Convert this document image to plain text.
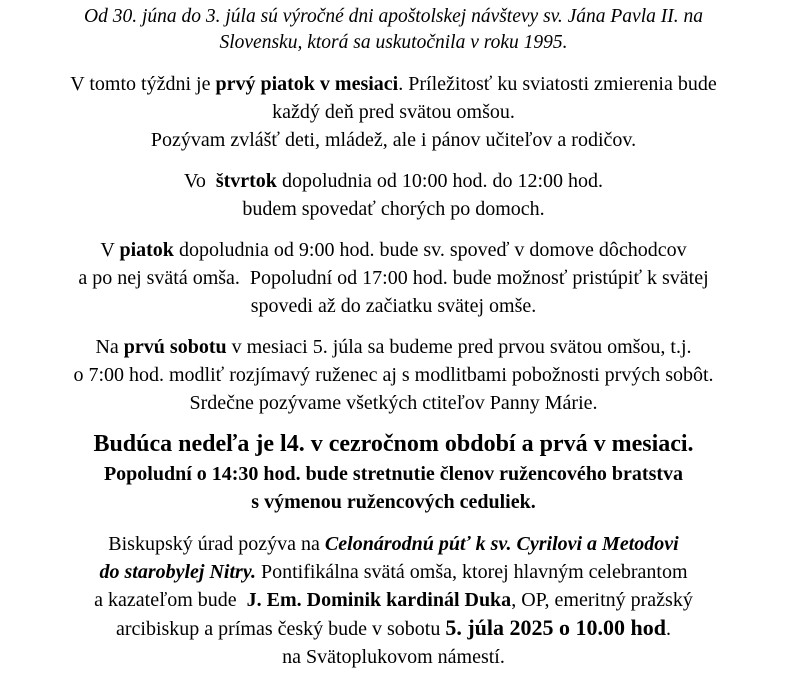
Od 30. júna do 3. júla sú výročné dni apoštolskej návštevy sv. Jána Pavla II. na
Slovensku, ktorá sa uskutočnila v roku 1995.

V tomto týždni je prvý piatok v mesiaci. Príležitosť ku sviatosti zmierenia bude
každý deň pred svätou omšou.
Pozývam zvlášť deti, mládež, ale i pánov učiteľov a rodičov.

Vo  štvrtok dopoludnia od 10:00 hod. do 12:00 hod.
budem spovedať chorých po domoch.

V piatok dopoludnia od 9:00 hod. bude sv. spoveď v domove dôchodcov
a po nej svätá omša.  Popoludní od 17:00 hod. bude možnosť pristúpiť k svätej
spovedi až do začiatku svätej omše.

Na prvú sobotu v mesiaci 5. júla sa budeme pred prvou svätou omšou, t.j.
o 7:00 hod. modliť rozjímavý ruženec aj s modlitbami pobožnosti prvých sobôt.
Srdečne pozývame všetkých ctiteľov Panny Márie.

Budúca nedeľa je l4. v cezročnom období a prvá v mesiaci.

Popoludní o 14:30 hod. bude stretnutie členov ružencového bratstva
s výmenou ružencových ceduliek.

Biskupský úrad pozýva na Celonárodnú púť k sv. Cyrilovi a Metodovi
do starobylej Nitry. Pontifikálna svätá omša, ktorej hlavným celebrantom
a kazateľom bude  J. Em. Dominik kardinál Duka, OP, emeritný pražský
arcibiskup a prímas český bude v sobotu 5. júla 2025 o 10.00 hod.
na Svätoplukovom námestí.
